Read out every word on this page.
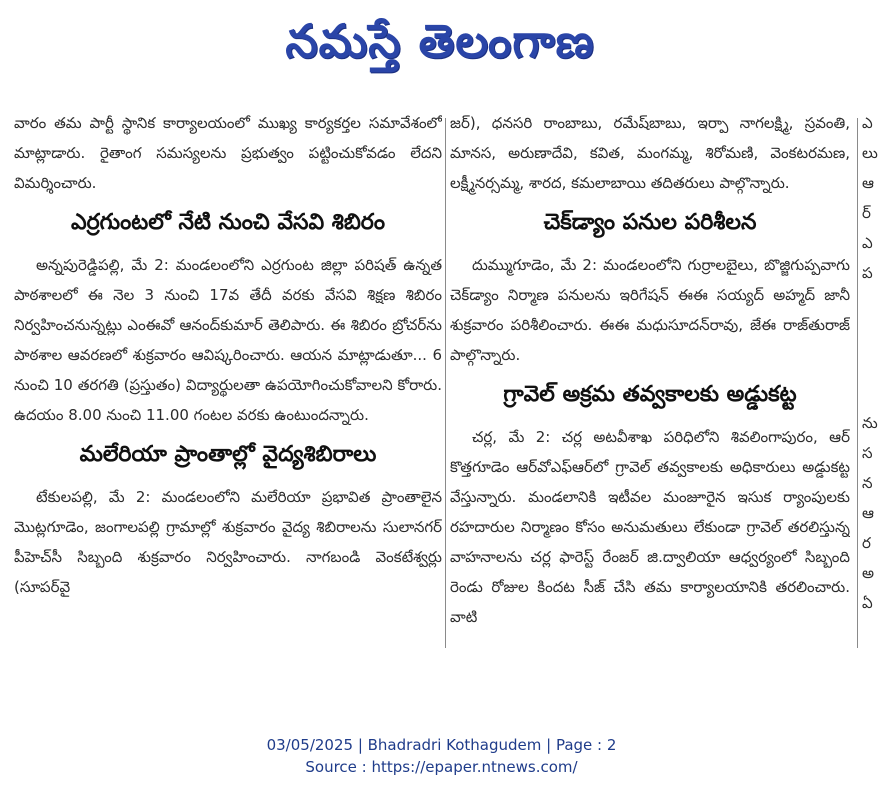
నమస్తే తెలంగాణ

వారం తమ పార్టీ స్థానిక కార్యాలయంలో ముఖ్య కార్యకర్తల సమావేశంలో మాట్లాడారు. రైతాంగ సమస్యలను ప్రభుత్వం పట్టించుకోవడం లేదని విమర్శించారు.

ఎర్రగుంటలో నేటి నుంచి వేసవి శిబిరం

అన్నపురెడ్డిపల్లి, మే 2: మండలంలోని ఎర్రగుంట జిల్లా పరిషత్ ఉన్నత పాఠశాలలో ఈ నెల 3 నుంచి 17వ తేదీ వరకు వేసవి శిక్షణ శిబిరం నిర్వహించనున్నట్లు ఎంఈవో ఆనంద్‌కుమార్ తెలిపారు. ఈ శిబిరం బ్రోచర్‌ను పాఠశాల ఆవరణలో శుక్రవారం ఆవిష్కరించారు. ఆయన మాట్లాడుతూ... 6 నుంచి 10 తరగతి (ప్రస్తుతం) విద్యార్థులతా ఉపయోగించుకోవాలని కోరారు. ఉదయం 8.00 నుంచి 11.00 గంటల వరకు ఉంటుందన్నారు.

మలేరియా ప్రాంతాల్లో వైద్యశిబిరాలు

టేకులపల్లి, మే 2: మండలంలోని మలేరియా ప్రభావిత ప్రాంతాలైన మొట్లగూడెం, జంగాలపల్లి గ్రామాల్లో శుక్రవారం వైద్య శిబిరాలను సులానగర్ పీహెచ్‌సీ సిబ్బంది శుక్రవారం నిర్వహించారు. నాగబండి వెంకటేశ్వర్లు (సూపర్‌వై

జర్), ధనసరి రాంబాబు, రమేష్‌బాబు, ఇర్పా నాగలక్ష్మి, స్రవంతి, మానస, అరుణాదేవి, కవిత, మంగమ్మ, శిరోమణి, వెంకటరమణ, లక్ష్మీనర్సమ్మ, శారద, కమలాబాయి తదితరులు పాల్గొన్నారు.

చెక్‌డ్యాం పనుల పరిశీలన

దుమ్ముగూడెం, మే 2: మండలంలోని గుర్రాలబైలు, బొజ్జిగుప్పవాగు చెక్‌డ్యాం నిర్మాణ పనులను ఇరిగేషన్ ఈఈ సయ్యద్ అహ్మద్ జానీ శుక్రవారం పరిశీలించారు. ఈఈ మధుసూదన్‌రావు, జేఈ రాజ్‌తురాజ్ పాల్గొన్నారు.

గ్రావెల్ అక్రమ తవ్వకాలకు అడ్డుకట్ట

చర్ల, మే 2: చర్ల అటవీశాఖ పరిధిలోని శివలింగాపురం, ఆర్ కొత్తగూడెం ఆర్‌వోఎఫ్‌ఆర్‌లో గ్రావెల్ తవ్వకాలకు అధికారులు అడ్డుకట్ట వేస్తున్నారు. మండలానికి ఇటీవల మంజూరైన ఇసుక ర్యాంపులకు రహదారుల నిర్మాణం కోసం అనుమతులు లేకుండా గ్రావెల్ తరలిస్తున్న వాహనాలను చర్ల ఫారెస్ట్ రేంజర్ జి.ద్వాలియా ఆధ్వర్యంలో సిబ్బంది రెండు రోజుల కిందట సీజ్ చేసి తమ కార్యాలయానికి తరలించారు. వాటి

ఎ
లు
ఆ
ర్
ఎ
ప
ను
స
న
ఆ
ర
అ
ఏ
03/05/2025 | Bhadradri Kothagudem | Page : 2
Source : https://epaper.ntnews.com/
